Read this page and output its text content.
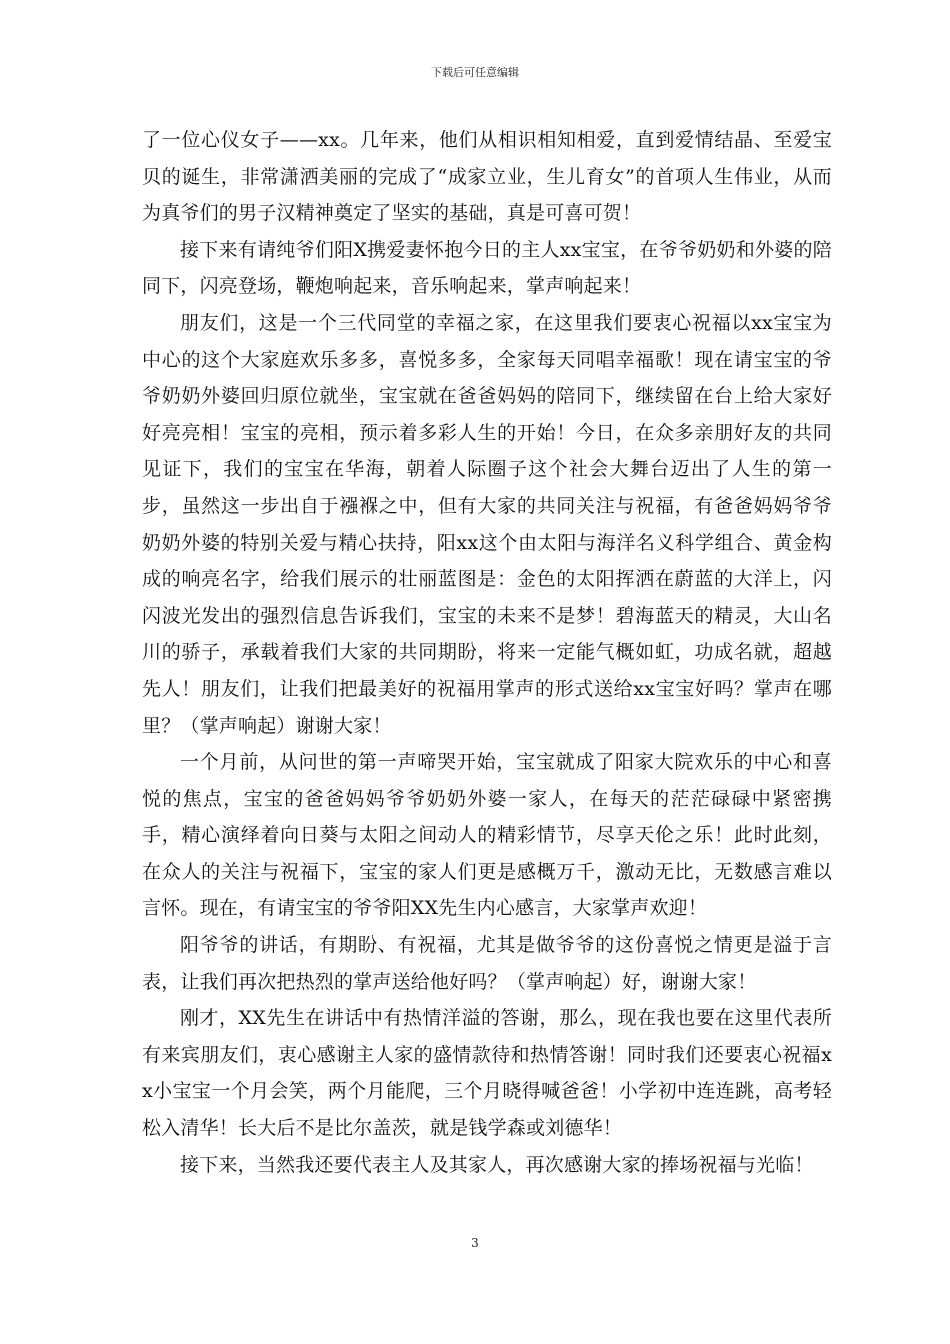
下载后可任意编辑

了一位心仪女子——xx。几年来，他们从相识相知相爱，直到爱情结晶、至爱宝贝的诞生，非常潇洒美丽的完成了“成家立业，生儿育女”的首项人生伟业，从而为真爷们的男子汉精神奠定了坚实的基础，真是可喜可贺！

接下来有请纯爷们阳X携爱妻怀抱今日的主人xx宝宝，在爷爷奶奶和外婆的陪同下，闪亮登场，鞭炮响起来，音乐响起来，掌声响起来！

朋友们，这是一个三代同堂的幸福之家，在这里我们要衷心祝福以xx宝宝为中心的这个大家庭欢乐多多，喜悦多多，全家每天同唱幸福歌！现在请宝宝的爷爷奶奶外婆回归原位就坐，宝宝就在爸爸妈妈的陪同下，继续留在台上给大家好好亮亮相！宝宝的亮相，预示着多彩人生的开始！今日，在众多亲朋好友的共同见证下，我们的宝宝在华海，朝着人际圈子这个社会大舞台迈出了人生的第一步，虽然这一步出自于襁褓之中，但有大家的共同关注与祝福，有爸爸妈妈爷爷奶奶外婆的特别关爱与精心扶持，阳xx这个由太阳与海洋名义科学组合、黄金构成的响亮名字，给我们展示的壮丽蓝图是：金色的太阳挥洒在蔚蓝的大洋上，闪闪波光发出的强烈信息告诉我们，宝宝的未来不是梦！碧海蓝天的精灵，大山名川的骄子，承载着我们大家的共同期盼，将来一定能气概如虹，功成名就，超越先人！朋友们，让我们把最美好的祝福用掌声的形式送给xx宝宝好吗？掌声在哪里？（掌声响起）谢谢大家！

一个月前，从问世的第一声啼哭开始，宝宝就成了阳家大院欢乐的中心和喜悦的焦点，宝宝的爸爸妈妈爷爷奶奶外婆一家人，在每天的茫茫碌碌中紧密携手，精心演绎着向日葵与太阳之间动人的精彩情节，尽享天伦之乐！此时此刻，在众人的关注与祝福下，宝宝的家人们更是感概万千，激动无比，无数感言难以言怀。现在，有请宝宝的爷爷阳XX先生内心感言，大家掌声欢迎！

阳爷爷的讲话，有期盼、有祝福，尤其是做爷爷的这份喜悦之情更是溢于言表，让我们再次把热烈的掌声送给他好吗？（掌声响起）好，谢谢大家！

刚才，XX先生在讲话中有热情洋溢的答谢，那么，现在我也要在这里代表所有来宾朋友们，衷心感谢主人家的盛情款待和热情答谢！同时我们还要衷心祝福xx小宝宝一个月会笑，两个月能爬，三个月晓得喊爸爸！小学初中连连跳，高考轻松入清华！长大后不是比尔盖茨，就是钱学森或刘德华！

接下来，当然我还要代表主人及其家人，再次感谢大家的捧场祝福与光临！

3
